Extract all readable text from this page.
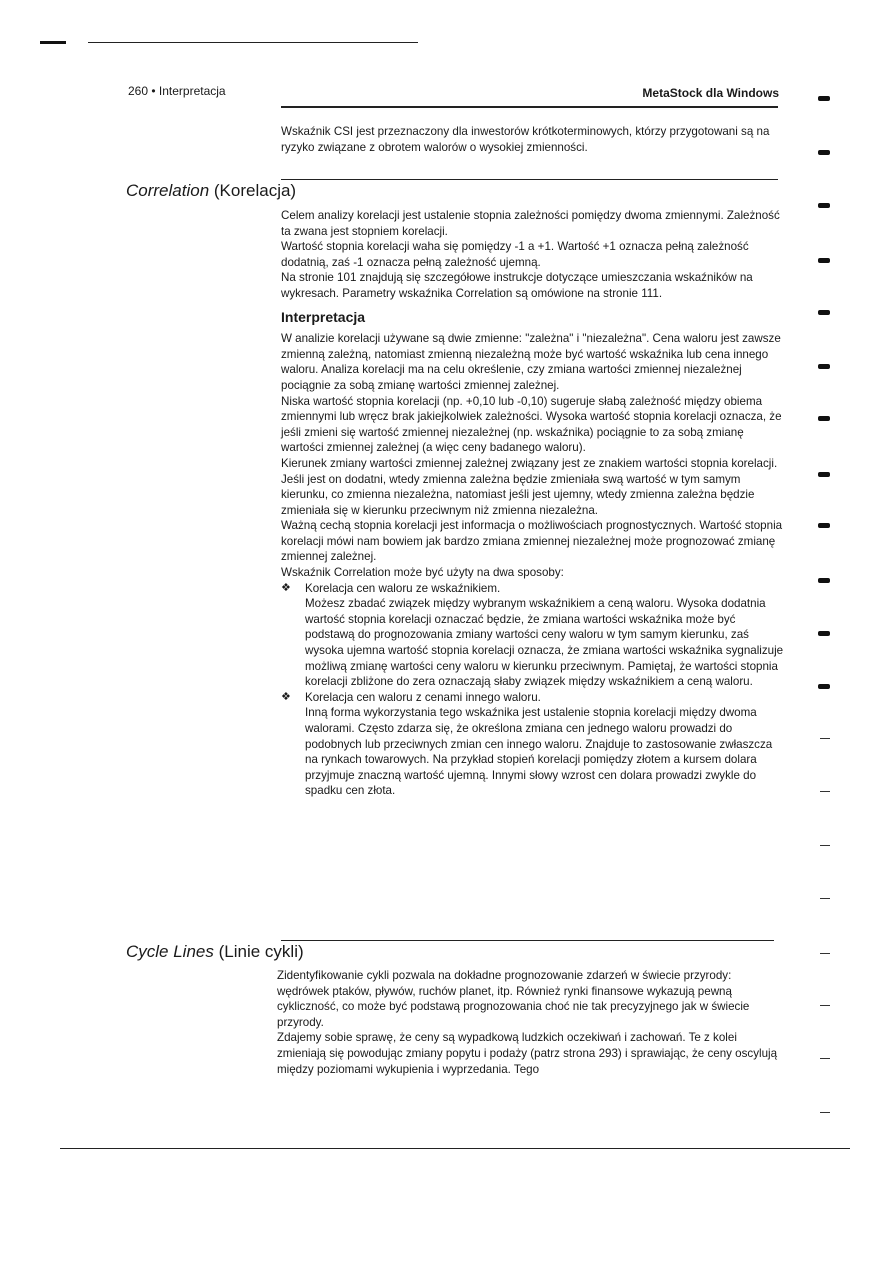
260 • Interpretacja	MetaStock dla Windows

Wskaźnik CSI jest przeznaczony dla inwestorów krótkoterminowych, którzy przygotowani są na ryzyko związane z obrotem walorów o wysokiej zmienności.

Correlation (Korelacja)

Celem analizy korelacji jest ustalenie stopnia zależności pomiędzy dwoma zmiennymi. Zależność ta zwana jest stopniem korelacji.

Wartość stopnia korelacji waha się pomiędzy -1 a +1. Wartość +1 oznacza pełną zależność dodatnią, zaś -1 oznacza pełną zależność ujemną.

Na stronie 101 znajdują się szczegółowe instrukcje dotyczące umieszczania wskaźników na wykresach. Parametry wskaźnika Correlation są omówione na stronie 111.

Interpretacja

W analizie korelacji używane są dwie zmienne: "zależna" i "niezależna". Cena waloru jest zawsze zmienną zależną, natomiast zmienną niezależną może być wartość wskaźnika lub cena innego waloru. Analiza korelacji ma na celu określenie, czy zmiana wartości zmiennej niezależnej pociągnie za sobą zmianę wartości zmiennej zależnej.

Niska wartość stopnia korelacji (np. +0,10 lub -0,10) sugeruje słabą zależność między obiema zmiennymi lub wręcz brak jakiejkolwiek zależności. Wysoka wartość stopnia korelacji oznacza, że jeśli zmieni się wartość zmiennej niezależnej (np. wskaźnika) pociągnie to za sobą zmianę wartości zmiennej zależnej (a więc ceny badanego waloru).

Kierunek zmiany wartości zmiennej zależnej związany jest ze znakiem wartości stopnia korelacji. Jeśli jest on dodatni, wtedy zmienna zależna będzie zmieniała swą wartość w tym samym kierunku, co zmienna niezależna, natomiast jeśli jest ujemny, wtedy zmienna zależna będzie zmieniała się w kierunku przeciwnym niż zmienna niezależna.

Ważną cechą stopnia korelacji jest informacja o możliwościach prognostycznych. Wartość stopnia korelacji mówi nam bowiem jak bardzo zmiana zmiennej niezależnej może prognozować zmianę zmiennej zależnej.

Wskaźnik Correlation może być użyty na dwa sposoby:

❖ Korelacja cen waloru ze wskaźnikiem.
Możesz zbadać związek między wybranym wskaźnikiem a ceną waloru. Wysoka dodatnia wartość stopnia korelacji oznaczać będzie, że zmiana wartości wskaźnika może być podstawą do prognozowania zmiany wartości ceny waloru w tym samym kierunku, zaś wysoka ujemna wartość stopnia korelacji oznacza, że zmiana wartości wskaźnika sygnalizuje możliwą zmianę wartości ceny waloru w kierunku przeciwnym. Pamiętaj, że wartości stopnia korelacji zbliżone do zera oznaczają słaby związek między wskaźnikiem a ceną waloru.
❖ Korelacja cen waloru z cenami innego waloru.
Inną forma wykorzystania tego wskaźnika jest ustalenie stopnia korelacji między dwoma walorami. Często zdarza się, że określona zmiana cen jednego waloru prowadzi do podobnych lub przeciwnych zmian cen innego waloru. Znajduje to zastosowanie zwłaszcza na rynkach towarowych. Na przykład stopień korelacji pomiędzy złotem a kursem dolara przyjmuje znaczną wartość ujemną. Innymi słowy wzrost cen dolara prowadzi zwykle do spadku cen złota.
Cycle Lines (Linie cykli)

Zidentyfikowanie cykli pozwala na dokładne prognozowanie zdarzeń w świecie przyrody: wędrówek ptaków, pływów, ruchów planet, itp. Również rynki finansowe wykazują pewną cykliczność, co może być podstawą prognozowania choć nie tak precyzyjnego jak w świecie przyrody.

Zdajemy sobie sprawę, że ceny są wypadkową ludzkich oczekiwań i zachowań. Te z kolei zmieniają się powodując zmiany popytu i podaży (patrz strona 293) i sprawiając, że ceny oscylują między poziomami wykupienia i wyprzedania. Tego
